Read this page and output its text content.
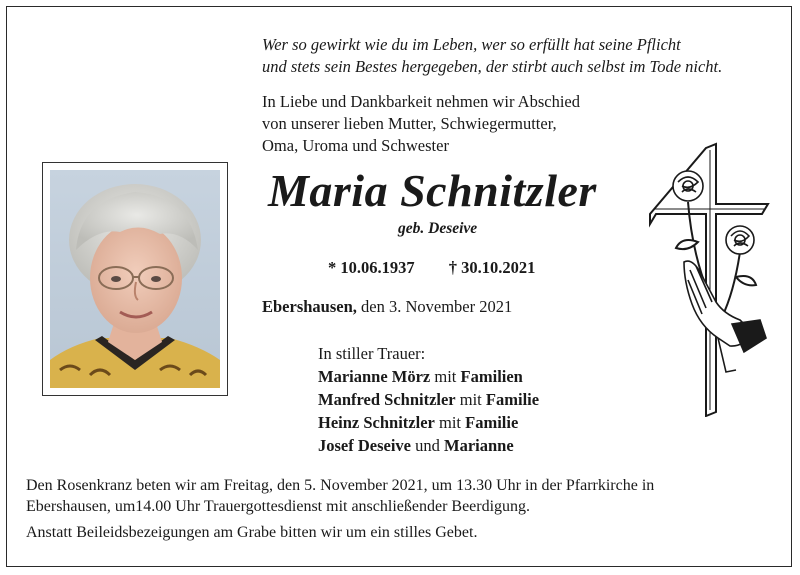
Wer so gewirkt wie du im Leben, wer so erfüllt hat seine Pflicht
und stets sein Bestes hergegeben, der stirbt auch selbst im Tode nicht.
In Liebe und Dankbarkeit nehmen wir Abschied
von unserer lieben Mutter, Schwiegermutter,
Oma, Uroma und Schwester
Maria Schnitzler
geb. Deseive
* 10.06.1937 † 30.10.2021
Ebershausen, den 3. November 2021
In stiller Trauer:
Marianne Mörz mit Familien
Manfred Schnitzler mit Familie
Heinz Schnitzler mit Familie
Josef Deseive und Marianne
Den Rosenkranz beten wir am Freitag, den 5. November 2021, um 13.30 Uhr in der Pfarrkirche in
Ebershausen, um14.00 Uhr Trauergottesdienst mit anschließender Beerdigung.
Anstatt Beileidsbezeigungen am Grabe bitten wir um ein stilles Gebet.
